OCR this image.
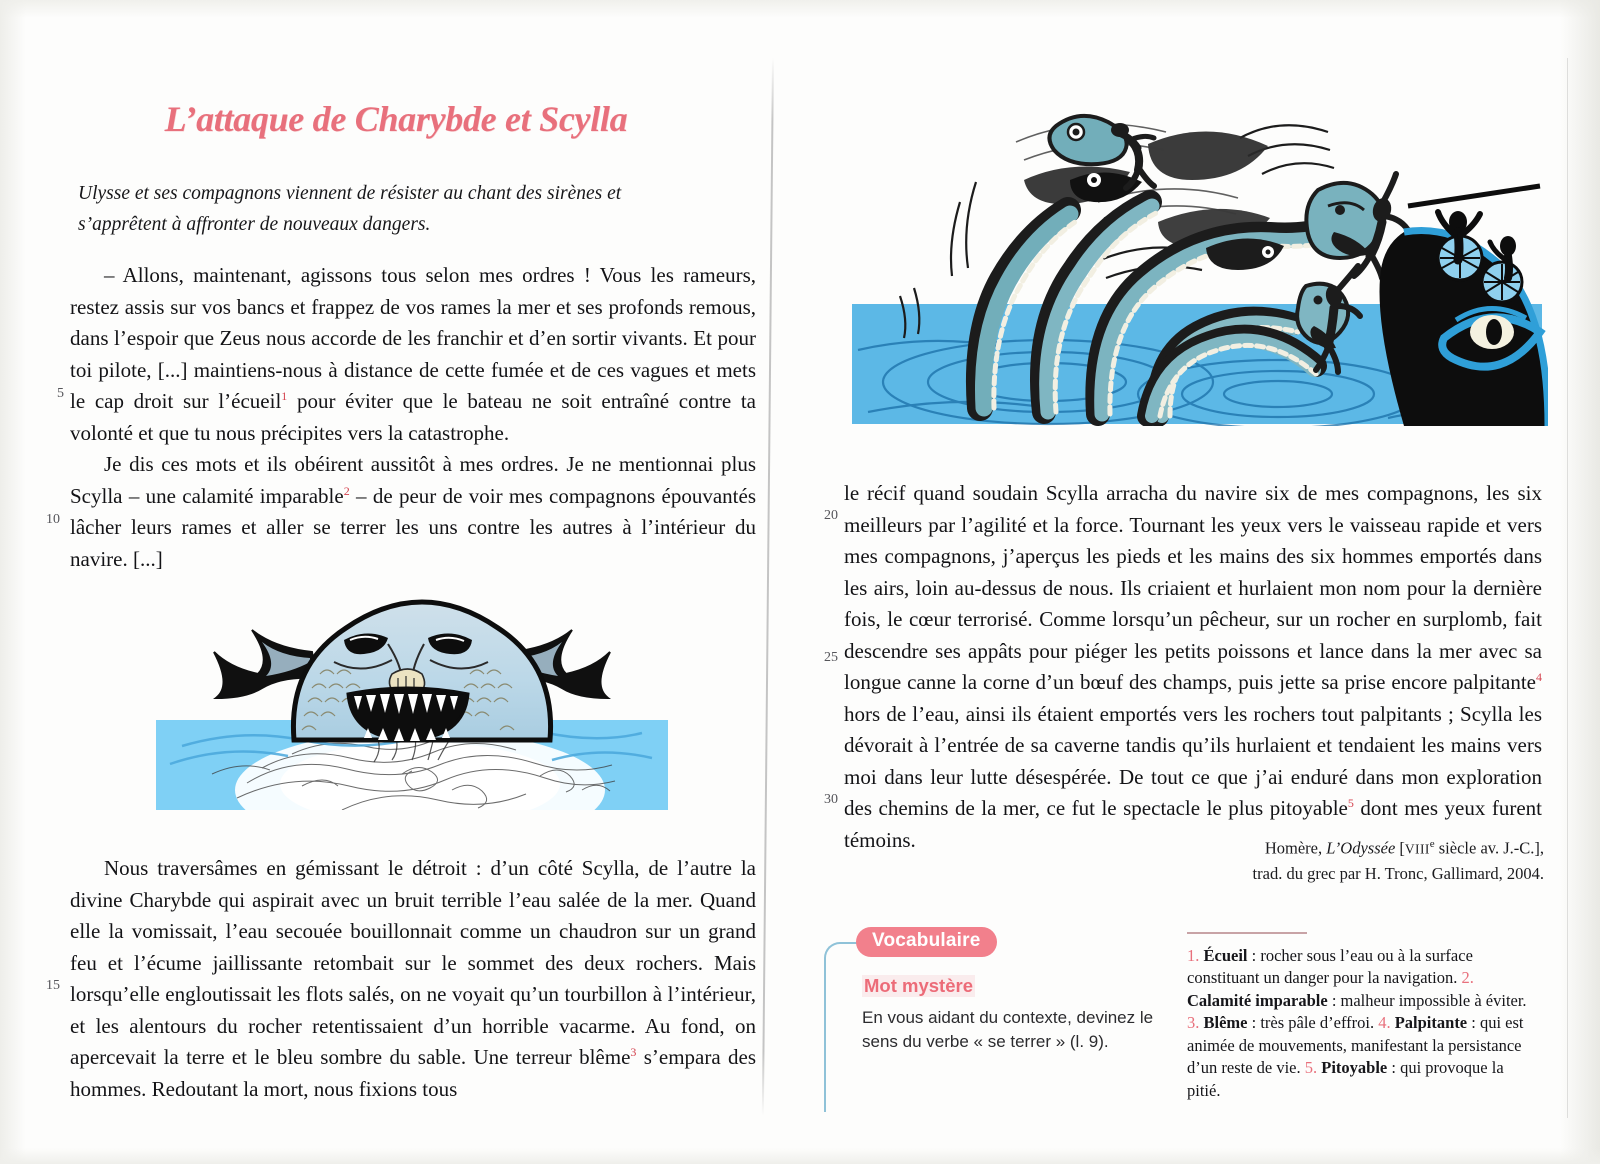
L’attaque de Charybde et Scylla
Ulysse et ses compagnons viennent de résister au chant des sirènes et s’apprêtent à affronter de nouveaux dangers.
5
10
15

– Allons, maintenant, agissons tous selon mes ordres ! Vous les rameurs, restez assis sur vos bancs et frappez de vos rames la mer et ses profonds remous, dans l’espoir que Zeus nous accorde de les franchir et d’en sortir vivants. Et pour toi pilote, [...] maintiens-nous à distance de cette fumée et de ces vagues et mets le cap droit sur l’écueil$^1$ pour éviter que le bateau ne soit entraîné contre ta volonté et que tu nous précipites vers la catastrophe.

Je dis ces mots et ils obéirent aussitôt à mes ordres. Je ne mentionnai plus Scylla – une calamité imparable$^2$ – de peur de voir mes compagnons épouvantés lâcher leurs rames et aller se terrer les uns contre les autres à l’intérieur du navire. [...]

Nous traversâmes en gémissant le détroit : d’un côté Scylla, de l’autre la divine Charybde qui aspirait avec un bruit terrible l’eau salée de la mer. Quand elle la vomissait, l’eau secouée bouillonnait comme un chaudron sur un grand feu et l’écume jaillissante retombait sur le sommet des deux rochers. Mais lorsqu’elle engloutissait les flots salés, on ne voyait qu’un tourbillon à l’intérieur, et les alentours du rocher retentissaient d’un horrible vacarme. Au fond, on apercevait la terre et le bleu sombre du sable. Une terreur blême$^3$ s’empara des hommes. Redoutant la mort, nous fixions tous

20
25
30

le récif quand soudain Scylla arracha du navire six de mes compagnons, les six meilleurs par l’agilité et la force. Tournant les yeux vers le vaisseau rapide et vers mes compagnons, j’aperçus les pieds et les mains des six hommes emportés dans les airs, loin au-dessus de nous. Ils criaient et hurlaient mon nom pour la dernière fois, le cœur terrorisé. Comme lorsqu’un pêcheur, sur un rocher en surplomb, fait descendre ses appâts pour piéger les petits poissons et lance dans la mer avec sa longue canne la corne d’un bœuf des champs, puis jette sa prise encore palpitante$^4$ hors de l’eau, ainsi ils étaient emportés vers les rochers tout palpitants ; Scylla les dévorait à l’entrée de sa caverne tandis qu’ils hurlaient et tendaient les mains vers moi dans leur lutte désespérée. De tout ce que j’ai enduré dans mon exploration des chemins de la mer, ce fut le spectacle le plus pitoyable$^5$ dont mes yeux furent témoins.	Homère, L’Odyssée [VIIIe siècle av. J.-C.],
trad. du grec par H. Tronc, Gallimard, 2004.
Vocabulaire
Mot mystère
En vous aidant du contexte, devinez le sens du verbe « se terrer » (l. 9).
1. Écueil : rocher sous l’eau ou à la surface constituant un danger pour la navigation. 2. Calamité imparable : malheur impossible à éviter. 3. Blême : très pâle d’effroi. 4. Palpitante : qui est animée de mouvements, manifestant la persistance d’un reste de vie. 5. Pitoyable : qui provoque la pitié.
